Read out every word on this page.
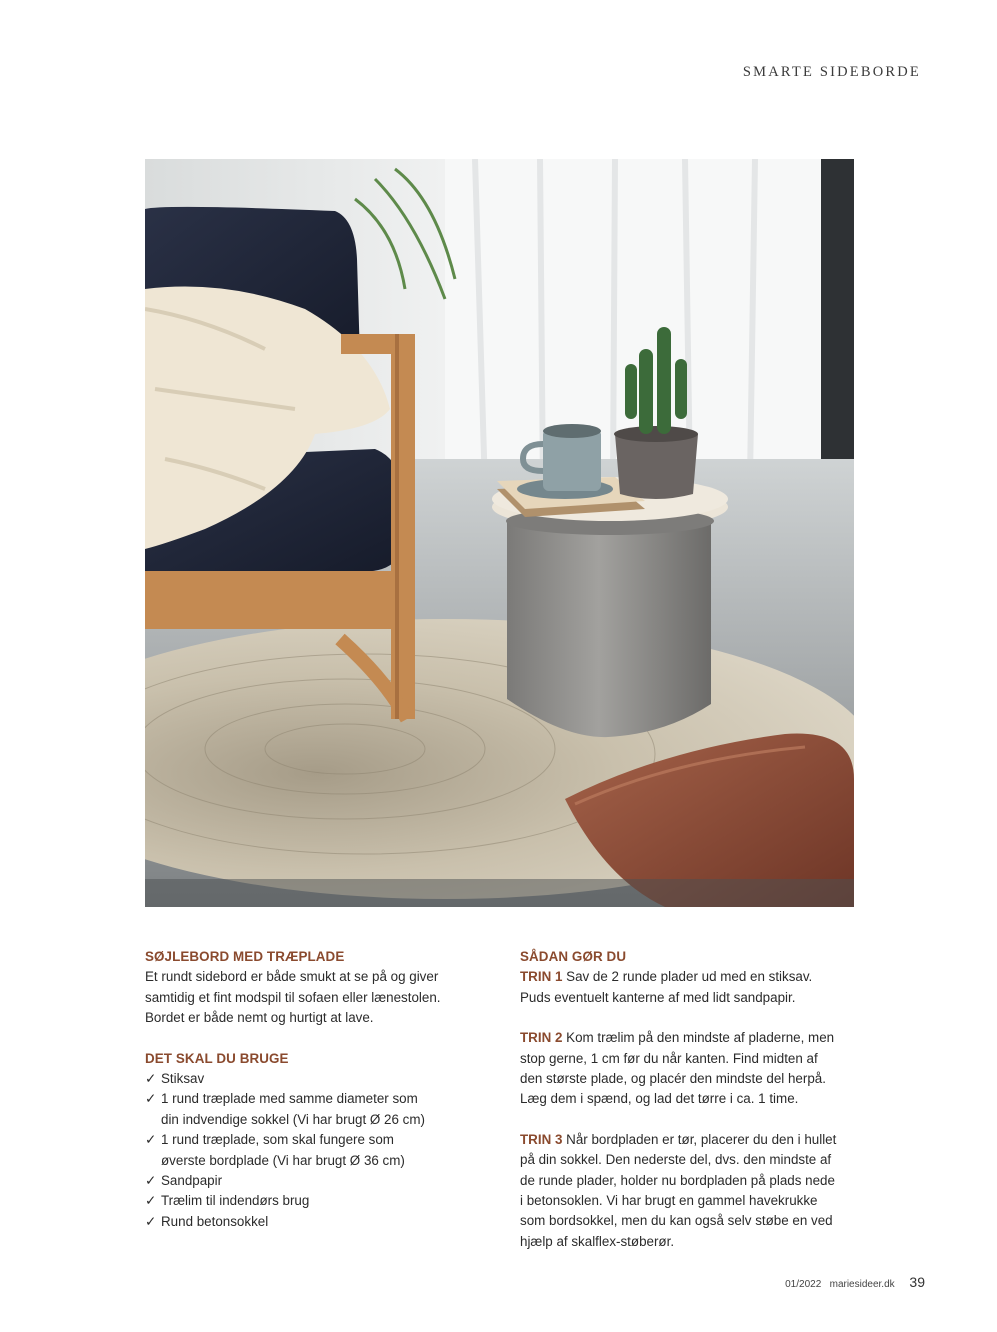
SMARTE SIDEBORDE
SØJLEBORD MED TRÆPLADE
Et rundt sidebord er både smukt at se på og giver
samtidig et fint modspil til sofaen eller lænestolen.
Bordet er både nemt og hurtigt at lave.
DET SKAL DU BRUGE
✓ Stiksav
✓ 1 rund træplade med samme diameter som
din indvendige sokkel (Vi har brugt Ø 26 cm)
✓ 1 rund træplade, som skal fungere som
øverste bordplade (Vi har brugt Ø 36 cm)
✓ Sandpapir
✓ Trælim til indendørs brug
✓ Rund betonsokkel
SÅDAN GØR DU
TRIN 1 Sav de 2 runde plader ud med en stiksav.
Puds eventuelt kanterne af med lidt sandpapir.
TRIN 2 Kom trælim på den mindste af pladerne, men
stop gerne, 1 cm før du når kanten. Find midten af
den største plade, og placér den mindste del herpå.
Læg dem i spænd, og lad det tørre i ca. 1 time.
TRIN 3 Når bordpladen er tør, placerer du den i hullet
på din sokkel. Den nederste del, dvs. den mindste af
de runde plader, holder nu bordpladen på plads nede
i betonsoklen. Vi har brugt en gammel havekrukke
som bordsokkel, men du kan også selv støbe en ved
hjælp af skalflex-støberør.
01/2022 mariesideer.dk 39
